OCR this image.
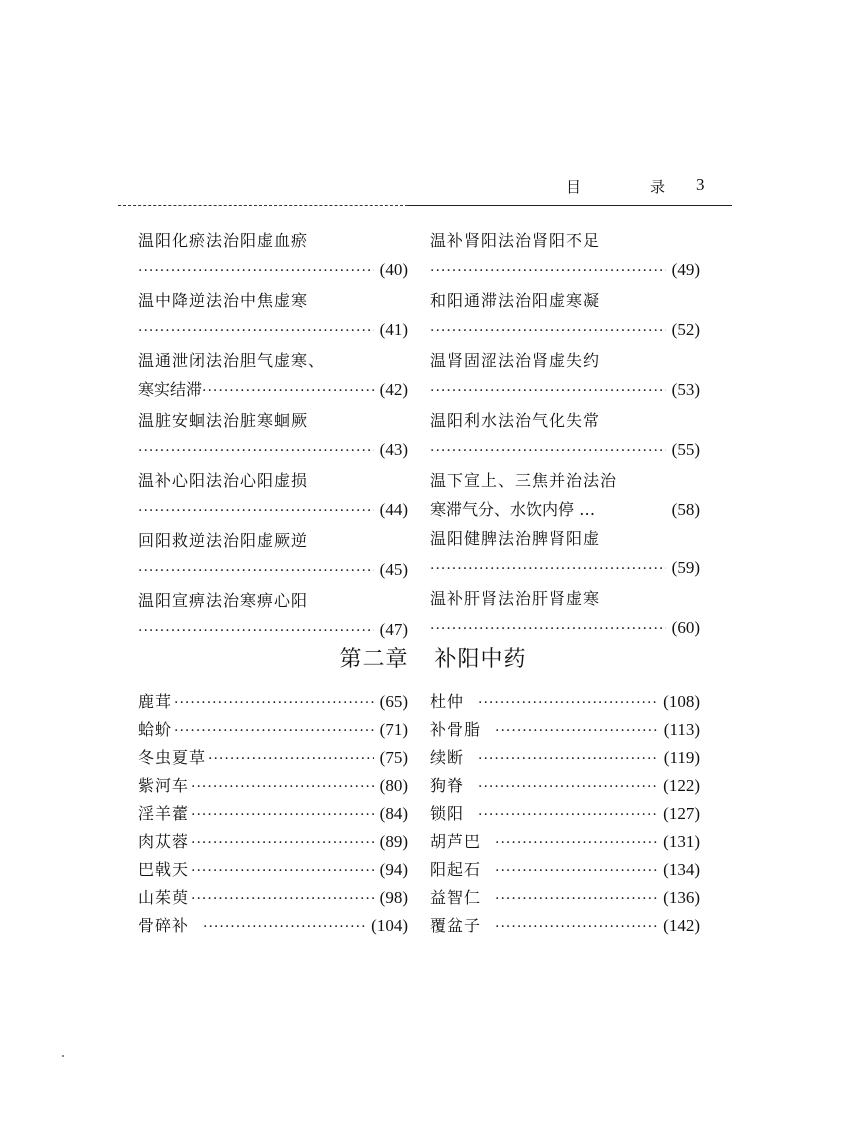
目	录 3
温阳化瘀法治阳虚血瘀
·····
(40)
温中降逆法治中焦虚寒
·····
(41)
温通泄闭法治胆气虚寒、
寒实结滞 ·····	(42)
温脏安蛔法治脏寒蛔厥
·····
(43)
温补心阳法治心阳虚损
·····
(44)
回阳救逆法治阳虚厥逆
·····
(45)
温阳宣痹法治寒痹心阳
·····
(47)
温补肾阳法治肾阳不足
·····
(49)
和阳通滞法治阳虚寒凝
·····
(52)
温肾固涩法治肾虚失约
·····
(53)
温阳利水法治气化失常
·····
(55)
温下宣上、三焦并治法治
寒滞气分、水饮内停 …	(58)
温阳健脾法治脾肾阳虚
·····
(59)
温补肝肾法治肝肾虚寒
·····
(60)
第二章 补阳中药
鹿茸 ·····	(65)
蛤蚧 ·····	(71)
冬虫夏草 ·····	(75)
紫河车 ·····	(80)
淫羊藿 ·····	(84)
肉苁蓉 ·····	(89)
巴戟天 ·····	(94)
山茱萸 ·····	(98)
骨碎补 ·····	(104)
杜仲 ·····	(108)
补骨脂 ·····	(113)
续断 ·····	(119)
狗脊 ·····	(122)
锁阳 ·····	(127)
胡芦巴 ·····	(131)
阳起石 ·····	(134)
益智仁 ·····	(136)
覆盆子 ·····	(142)
